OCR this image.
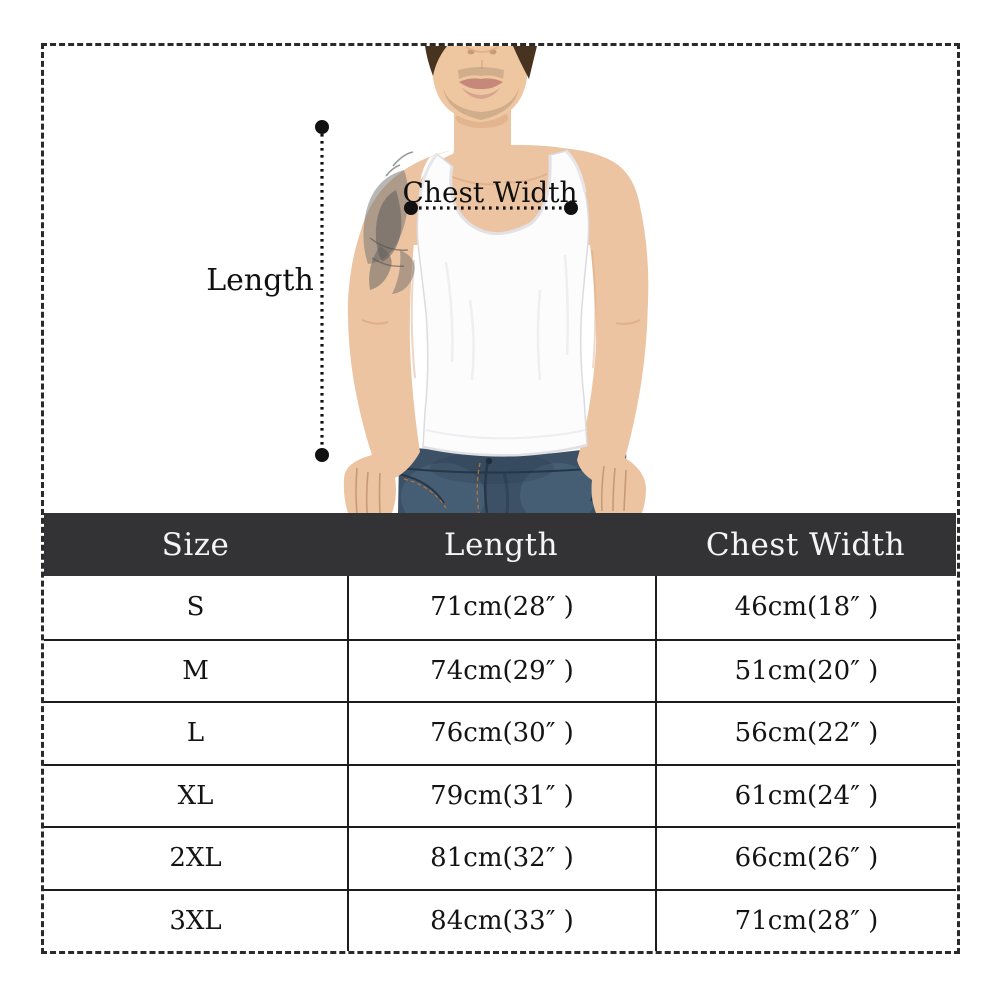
Length
Chest Width
Size	Length	Chest Width
S	71cm(28″ )	46cm(18″ )
M	74cm(29″ )	51cm(20″ )
L	76cm(30″ )	56cm(22″ )
XL	79cm(31″ )	61cm(24″ )
2XL	81cm(32″ )	66cm(26″ )
3XL	84cm(33″ )	71cm(28″ )
